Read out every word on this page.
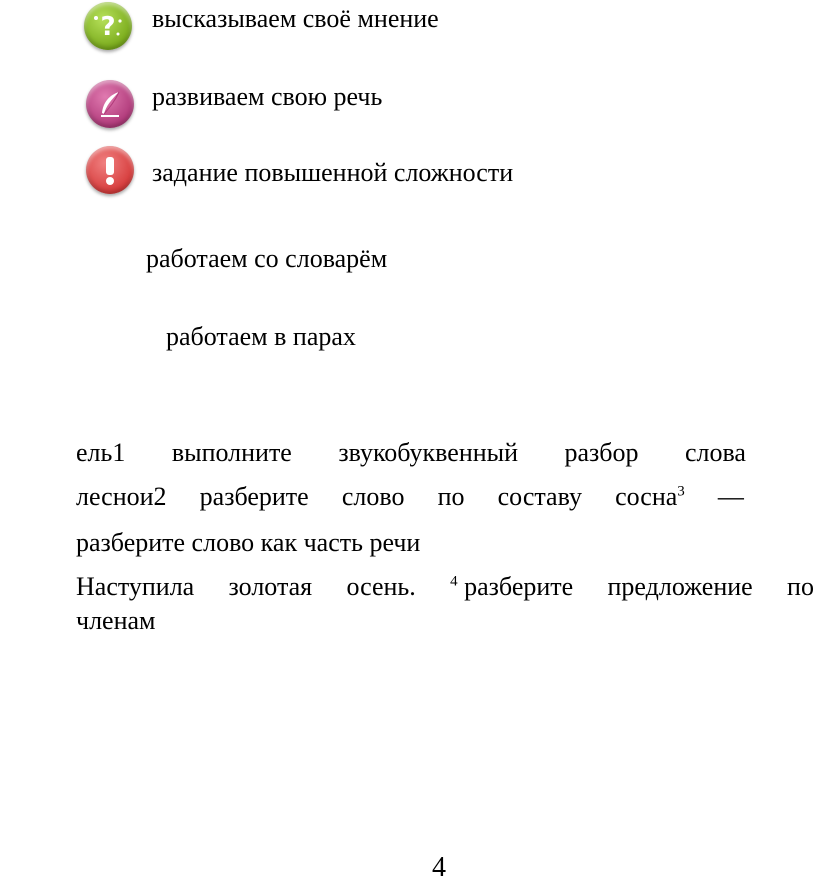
? высказываем своё мнение
развиваем свою речь
задание повышенной сложности
работаем со словарём
работаем в парах
ель1 выполните звукобуквенный разбор слова
леснои2 разберите слово по составу сосна$^3$ —
разберите слово как часть речи
Наступила золотая осень. $^4$ разберите предложение по
членам
4
